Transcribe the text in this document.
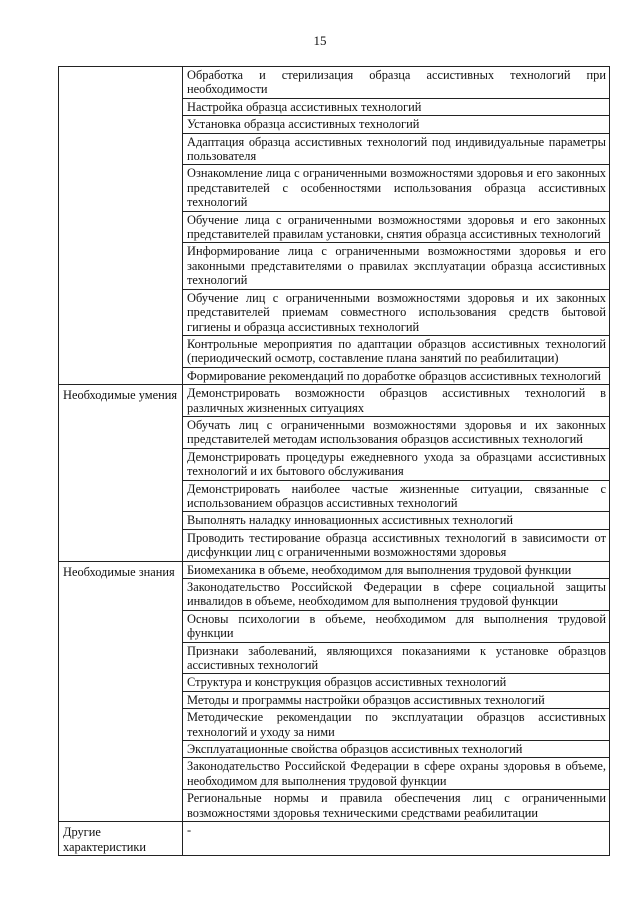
15
	Обработка и стерилизация образца ассистивных технологий при необходимости
	Настройка образца ассистивных технологий
	Установка образца ассистивных технологий
	Адаптация образца ассистивных технологий под индивидуальные параметры пользователя
	Ознакомление лица с ограниченными возможностями здоровья и его законных представителей с особенностями использования образца ассистивных технологий
	Обучение лица с ограниченными возможностями здоровья и его законных представителей правилам установки, снятия образца ассистивных технологий
	Информирование лица с ограниченными возможностями здоровья и его законными представителями о правилах эксплуатации образца ассистивных технологий
	Обучение лиц с ограниченными возможностями здоровья и их законных представителей приемам совместного использования средств бытовой гигиены и образца ассистивных технологий
	Контрольные мероприятия по адаптации образцов ассистивных технологий (периодический осмотр, составление плана занятий по реабилитации)
	Формирование рекомендаций по доработке образцов ассистивных технологий
Необходимые умения	Демонстрировать возможности образцов ассистивных технологий в различных жизненных ситуациях
	Обучать лиц с ограниченными возможностями здоровья и их законных представителей методам использования образцов ассистивных технологий
	Демонстрировать процедуры ежедневного ухода за образцами ассистивных технологий и их бытового обслуживания
	Демонстрировать наиболее частые жизненные ситуации, связанные с использованием образцов ассистивных технологий
	Выполнять наладку инновационных ассистивных технологий
	Проводить тестирование образца ассистивных технологий в зависимости от дисфункции лиц с ограниченными возможностями здоровья
Необходимые знания	Биомеханика в объеме, необходимом для выполнения трудовой функции
	Законодательство Российской Федерации в сфере социальной защиты инвалидов в объеме, необходимом для выполнения трудовой функции
	Основы психологии в объеме, необходимом для выполнения трудовой функции
	Признаки заболеваний, являющихся показаниями к установке образцов ассистивных технологий
	Структура и конструкция образцов ассистивных технологий
	Методы и программы настройки образцов ассистивных технологий
	Методические рекомендации по эксплуатации образцов ассистивных технологий и уходу за ними
	Эксплуатационные свойства образцов ассистивных технологий
	Законодательство Российской Федерации в сфере охраны здоровья в объеме, необходимом для выполнения трудовой функции
	Региональные нормы и правила обеспечения лиц с ограниченными возможностями здоровья техническими средствами реабилитации
Другие характеристики	-
